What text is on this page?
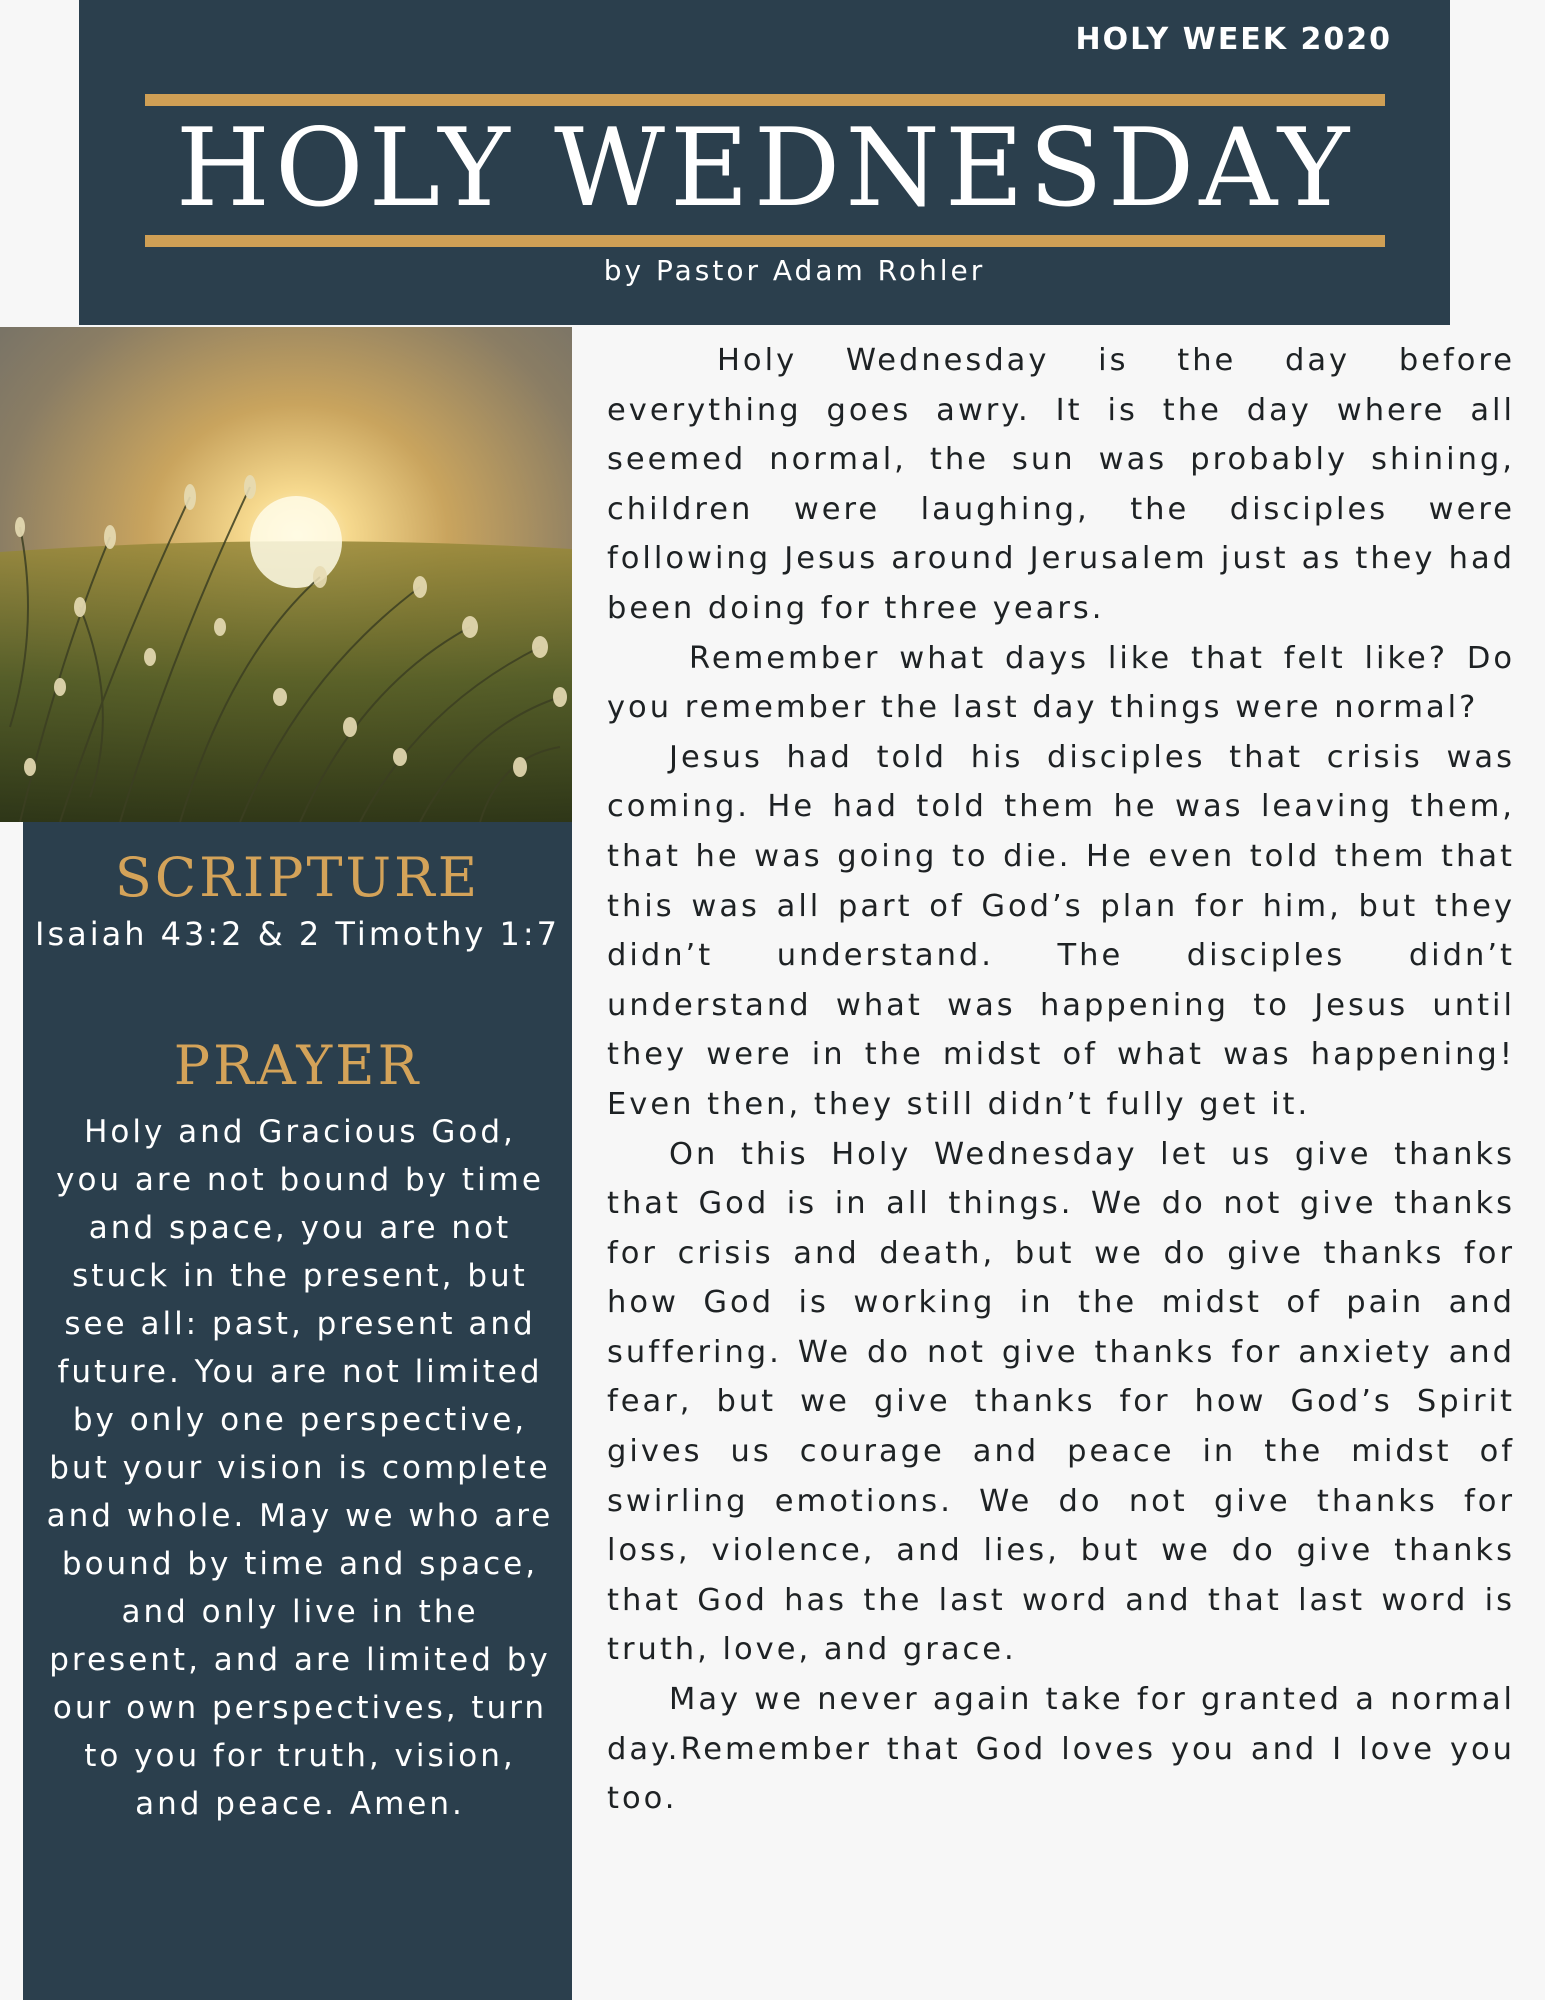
HOLY WEEK 2020
HOLY WEDNESDAY
by Pastor Adam Rohler
SCRIPTURE
Isaiah 43:2 & 2 Timothy 1:7
PRAYER
Holy and Gracious God, you are not bound by time and space, you are not stuck in the present, but see all: past, present and future. You are not limited by only one perspective, but your vision is complete and whole. May we who are bound by time and space, and only live in the present, and are limited by our own perspectives, turn to you for truth, vision, and peace. Amen.

Holy Wednesday is the day before everything goes awry. It is the day where all seemed normal, the sun was probably shining, children were laughing, the disciples were following Jesus around Jerusalem just as they had been doing for three years.

Remember what days like that felt like? Do you remember the last day things were normal?

Jesus had told his disciples that crisis was coming. He had told them he was leaving them, that he was going to die. He even told them that this was all part of God’s plan for him, but they didn’t understand. The disciples didn’t understand what was happening to Jesus until they were in the midst of what was happening! Even then, they still didn’t fully get it.

On this Holy Wednesday let us give thanks that God is in all things. We do not give thanks for crisis and death, but we do give thanks for how God is working in the midst of pain and suffering. We do not give thanks for anxiety and fear, but we give thanks for how God’s Spirit gives us courage and peace in the midst of swirling emotions. We do not give thanks for loss, violence, and lies, but we do give thanks that God has the last word and that last word is truth, love, and grace.

May we never again take for granted a normal day.Remember that God loves you and I love you too.
